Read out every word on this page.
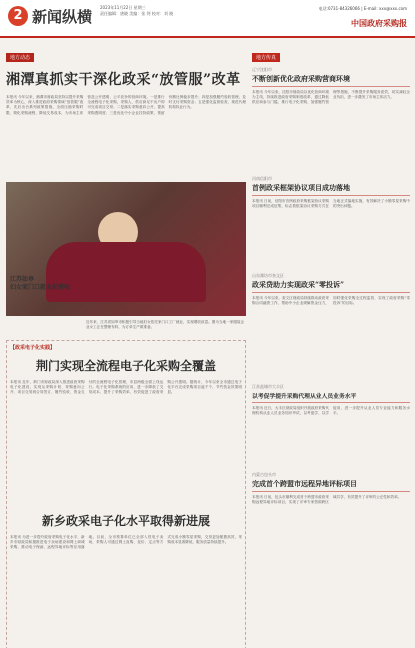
2 新闻纵横
2023年11月22日 星期三
责任编辑：唐晓 美编：张 剑 校对：刘 晓
电话:0731-84326066 | E-mail: xxx@xxx.com
中国政府采购报
地方动态
湘潭真抓实干深化政采“放管服”改革
本报讯 今年以来，湘潭市财政局坚持以提升采购效率为核心，深入推进政府采购领域“放管服”改革，先后出台系列政策措施，全面压缩采购时限、简化采购流程、降低交易成本，为市场主体营造公开透明、公平竞争的营商环境。一是推行全流程电子化采购，采购人、供应商足不出户即可完成项目交易；二是落实采购意向公开，提高采购透明度；三是优化中小企业扶持政策，预留份额比例稳步提升；四是加强履约验收管理，及时支付采购资金；五是强化监督检查，规范代理机构执业行为。
江苏如皋
妇女家门口就业促增收
近年来，江苏省如皋市积极引导当地妇女依托家门口工厂就业，实现增收致富。图为当地一家服装企业女工正在整理布料，为订单生产做准备。
【政采电子化实践】
荆门实现全流程电子化采购全覆盖
本报讯 近年，荆门市财政局深入推进政府采购电子化建设，实现从采购计划、采购意向公开、项目交易到合同签订、履约验收、资金支付的全流程电子化管理，市县两级全面上线运行。电子化采购系统的应用，进一步降低了交易成本，提升了采购效率，有效促进了政府采购公开透明。据统计，今年以来全市通过电子化平台完成采购项目逾千个，节约资金效果明显。
新乡政采电子化水平取得新进展
本报讯 为进一步提升政府采购电子化水平，新乡市财政局积极推进电子卖场建设和网上商城采购，推动电子保函、远程异地评标等应用落地。目前，全市预算单位已全部入驻电子卖场，采购人可通过网上直购、竞价、定点等方式完成小额零星采购，交易更加便捷高效，采购成本显著降低，服务质量持续提升。
地方传真
辽宁沈阳市
不断创新优化政府采购营商环境
本报讯 今年以来，沈阳市财政局以优化营商环境为主线，持续推进政府采购制度改革，通过降低供应商参与门槛、推行电子化采购、加强履约管理等措施，不断提升采购服务质效，切实减轻企业负担，进一步激发了市场主体活力。
河南信阳市
首例政采框架协议项目成功落地
本报讯 日前，信阳市首例政府采购框架协议采购项目顺利完成征集，标志着框架协议采购方式在当地正式落地实施，有效解决了小额零星采购中的突出问题。
山东潍坊市奎文区
政采贷助力实现政采“零投诉”
本报讯 今年以来，奎文区财政局持续推动政府采购合同融资工作，帮助中小企业缓解资金压力，同时强化采购全过程监管，实现了政府采购“零投诉”的目标。
江苏盐城市大丰区
以考促学提升采购代理从业人员业务水平
本报讯 近日，大丰区财政局组织开展政府采购代理机构从业人员业务知识考试，以考促学、以学促用，进一步提升从业人员专业能力和服务水平。
内蒙古包头市
完成首个跨盟市远程异地评标项目
本报讯 日前，包头市顺利完成首个跨盟市政府采购远程异地评标项目，实现了评审专家资源跨区域共享，有效提升了评审的公正性和效率。
